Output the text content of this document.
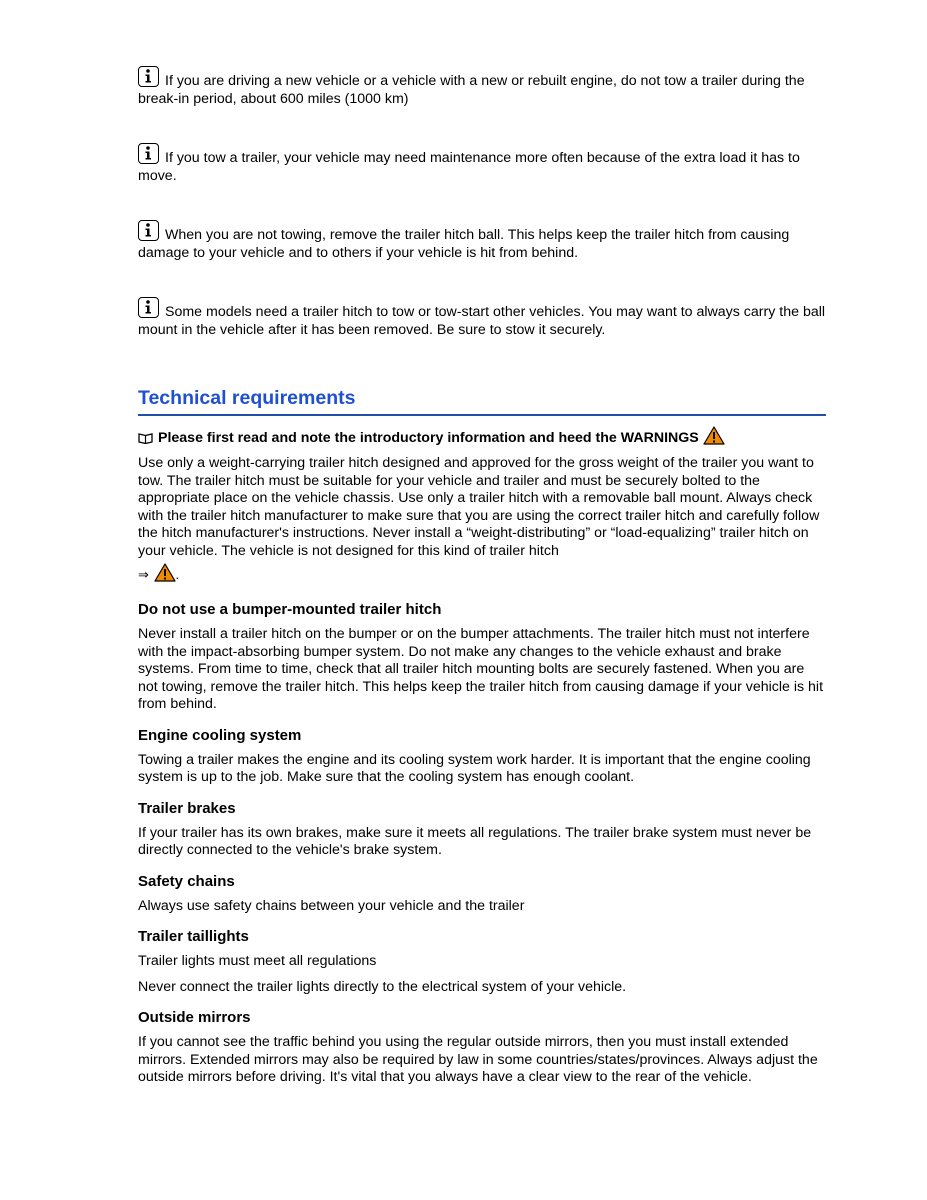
If you are driving a new vehicle or a vehicle with a new or rebuilt engine, do not tow a trailer during the break-in period, about 600 miles (1000 km)

If you tow a trailer, your vehicle may need maintenance more often because of the extra load it has to move.

When you are not towing, remove the trailer hitch ball. This helps keep the trailer hitch from causing damage to your vehicle and to others if your vehicle is hit from behind.

Some models need a trailer hitch to tow or tow-start other vehicles. You may want to always carry the ball mount in the vehicle after it has been removed. Be sure to stow it securely.

Technical requirements
Please first read and note the introductory information and heed the WARNINGS

Use only a weight-carrying trailer hitch designed and approved for the gross weight of the trailer you want to tow. The trailer hitch must be suitable for your vehicle and trailer and must be securely bolted to the appropriate place on the vehicle chassis. Use only a trailer hitch with a removable ball mount. Always check with the trailer hitch manufacturer to make sure that you are using the correct trailer hitch and carefully follow the hitch manufacturer's instructions. Never install a “weight-distributing” or “load-equalizing” trailer hitch on your vehicle. The vehicle is not designed for this kind of trailer hitch

⇒ .
Do not use a bumper-mounted trailer hitch

Never install a trailer hitch on the bumper or on the bumper attachments. The trailer hitch must not interfere with the impact-absorbing bumper system. Do not make any changes to the vehicle exhaust and brake systems. From time to time, check that all trailer hitch mounting bolts are securely fastened. When you are not towing, remove the trailer hitch. This helps keep the trailer hitch from causing damage if your vehicle is hit from behind.

Engine cooling system

Towing a trailer makes the engine and its cooling system work harder. It is important that the engine cooling system is up to the job. Make sure that the cooling system has enough coolant.

Trailer brakes

If your trailer has its own brakes, make sure it meets all regulations. The trailer brake system must never be directly connected to the vehicle's brake system.

Safety chains

Always use safety chains between your vehicle and the trailer

Trailer taillights

Trailer lights must meet all regulations

Never connect the trailer lights directly to the electrical system of your vehicle.

Outside mirrors

If you cannot see the traffic behind you using the regular outside mirrors, then you must install extended mirrors. Extended mirrors may also be required by law in some countries/states/provinces. Always adjust the outside mirrors before driving. It's vital that you always have a clear view to the rear of the vehicle.
